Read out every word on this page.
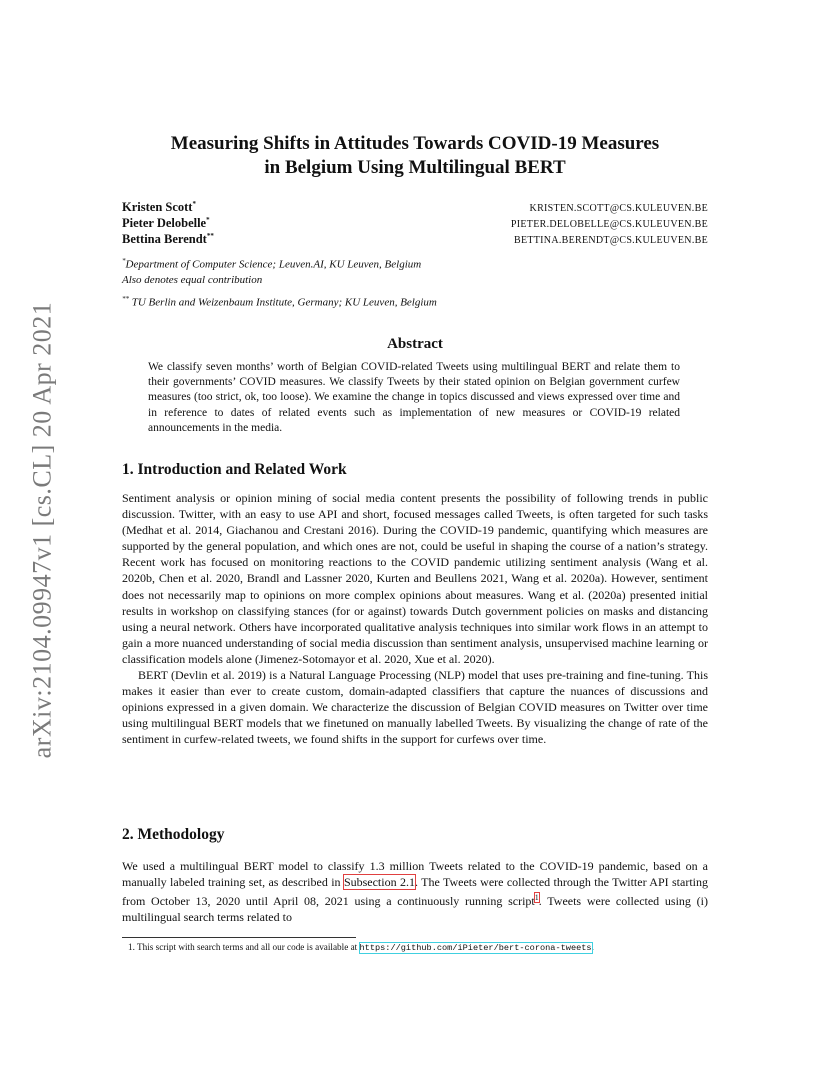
arXiv:2104.09947v1 [cs.CL] 20 Apr 2021
Measuring Shifts in Attitudes Towards COVID-19 Measures
in Belgium Using Multilingual BERT
Kristen Scott*	KRISTEN.SCOTT@CS.KULEUVEN.BE
Pieter Delobelle*	PIETER.DELOBELLE@CS.KULEUVEN.BE
Bettina Berendt**	BETTINA.BERENDT@CS.KULEUVEN.BE
*Department of Computer Science; Leuven.AI, KU Leuven, Belgium
Also denotes equal contribution
** TU Berlin and Weizenbaum Institute, Germany; KU Leuven, Belgium
Abstract
We classify seven months’ worth of Belgian COVID-related Tweets using multilingual BERT and relate them to their governments’ COVID measures. We classify Tweets by their stated opinion on Belgian government curfew measures (too strict, ok, too loose). We examine the change in topics discussed and views expressed over time and in reference to dates of related events such as implementation of new measures or COVID-19 related announcements in the media.
1. Introduction and Related Work

Sentiment analysis or opinion mining of social media content presents the possibility of following trends in public discussion. Twitter, with an easy to use API and short, focused messages called Tweets, is often targeted for such tasks (Medhat et al. 2014, Giachanou and Crestani 2016). During the COVID-19 pandemic, quantifying which measures are supported by the general population, and which ones are not, could be useful in shaping the course of a nation’s strategy. Recent work has focused on monitoring reactions to the COVID pandemic utilizing sentiment analysis (Wang et al. 2020b, Chen et al. 2020, Brandl and Lassner 2020, Kurten and Beullens 2021, Wang et al. 2020a). However, sentiment does not necessarily map to opinions on more complex opinions about measures. Wang et al. (2020a) presented initial results in workshop on classifying stances (for or against) towards Dutch government policies on masks and distancing using a neural network. Others have incorporated qualitative analysis techniques into similar work flows in an attempt to gain a more nuanced understanding of social media discussion than sentiment analysis, unsupervised machine learning or classification models alone (Jimenez-Sotomayor et al. 2020, Xue et al. 2020).

BERT (Devlin et al. 2019) is a Natural Language Processing (NLP) model that uses pre-training and fine-tuning. This makes it easier than ever to create custom, domain-adapted classifiers that capture the nuances of discussions and opinions expressed in a given domain. We characterize the discussion of Belgian COVID measures on Twitter over time using multilingual BERT models that we finetuned on manually labelled Tweets. By visualizing the change of rate of the sentiment in curfew-related tweets, we found shifts in the support for curfews over time.

2. Methodology

We used a multilingual BERT model to classify 1.3 million Tweets related to the COVID-19 pandemic, based on a manually labeled training set, as described in Subsection 2.1. The Tweets were collected through the Twitter API starting from October 13, 2020 until April 08, 2021 using a continuously running script$^1$. Tweets were collected using (i) multilingual search terms related to

1. This script with search terms and all our code is available at https://github.com/iPieter/bert-corona-tweets.
